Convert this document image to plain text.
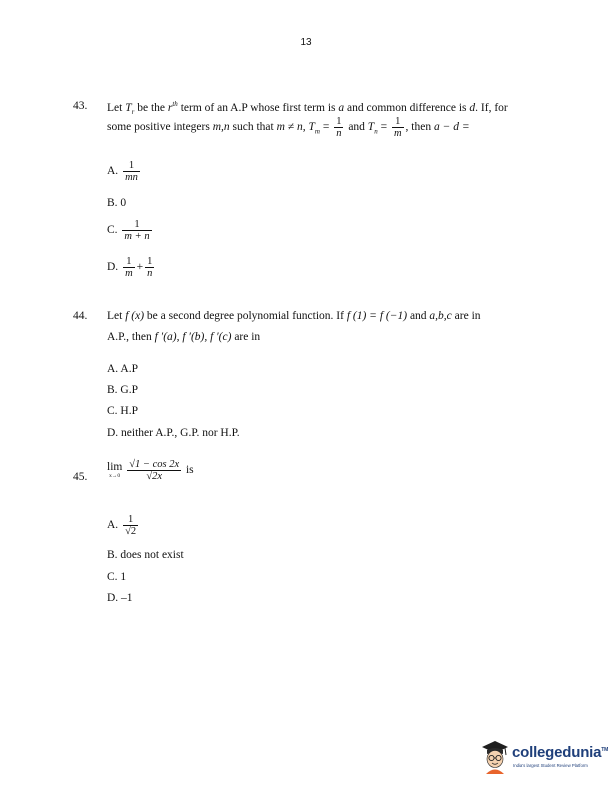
13
43. Let $T_r$ be the $r^{th}$ term of an A.P whose first term is a and common difference is d. If, for
some positive integers m,n such that m ≠ n, $T_m = \frac{1}{n}$ and $T_n = \frac{1}{m}$ , then a − d =
A. $\frac{1}{mn}$
B. 0
C. $\frac{1}{m + n}$
D. $\frac{1}{m} + \frac{1}{n}$
44. Let f (x) be a second degree polynomial function. If f (1) = f (−1) and a,b,c are in
A.P., then f ′(a), f ′(b), f ′(c) are in
A. A.P
B. G.P
C. H.P
D. neither A.P., G.P. nor H.P.
45.
lim
x→0
$\frac{√1 - \cos 2x}{√2x}$ is
A. $\frac{1}{√2}$
B. does not exist
C. 1
D. –1
collegedunia™
India's largest Student Review Platform
